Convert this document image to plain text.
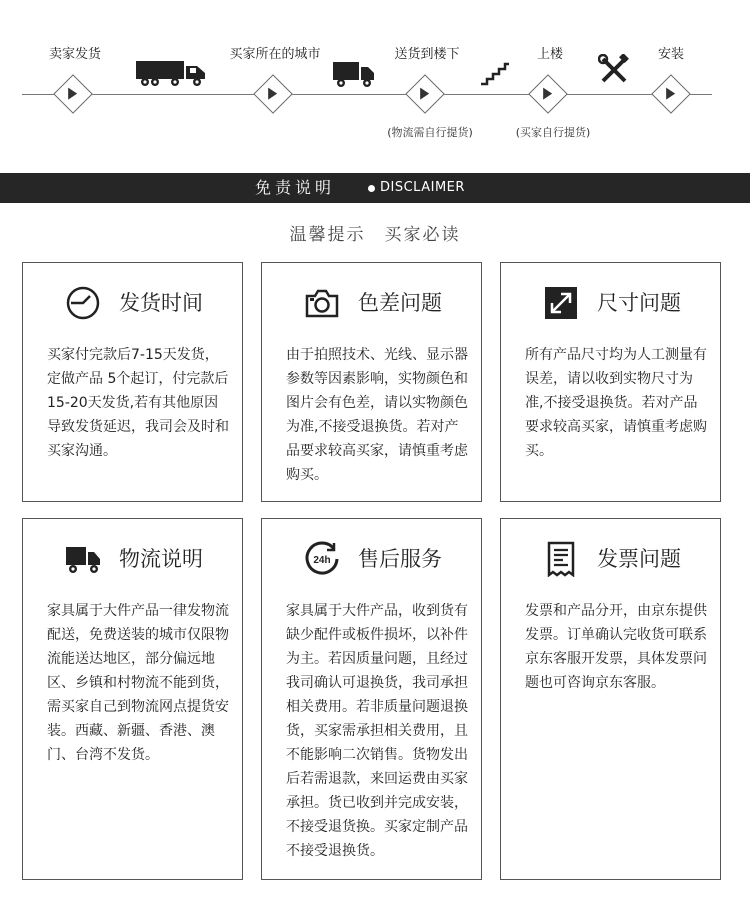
卖家发货	买家所在的城市	送货到楼下	上楼	安装
(物流需自行提货)	(买家自行提货)
免责说明	DISCLAIMER
温馨提示　买家必读
发货时间
买家付完款后7-15天发货，定做产品 5个起订，付完款后15-20天发货,若有其他原因导致发货延迟，我司会及时和买家沟通。
色差问题
由于拍照技术、光线、显示器参数等因素影响，实物颜色和图片会有色差，请以实物颜色为准,不接受退换货。若对产品要求较高买家，请慎重考虑购买。
尺寸问题
所有产品尺寸均为人工测量有误差，请以收到实物尺寸为准,不接受退换货。若对产品要求较高买家，请慎重考虑购买。
物流说明
家具属于大件产品一律发物流配送，免费送装的城市仅限物流能送达地区，部分偏远地区、乡镇和村物流不能到货，需买家自己到物流网点提货安装。西藏、新疆、香港、澳门、台湾不发货。
24h 售后服务
家具属于大件产品，收到货有缺少配件或板件损坏，以补件为主。若因质量问题，且经过我司确认可退换货，我司承担相关费用。若非质量问题退换货，买家需承担相关费用，且不能影响二次销售。货物发出后若需退款，来回运费由买家承担。货已收到并完成安装，不接受退货换。买家定制产品不接受退换货。
发票问题
发票和产品分开，由京东提供发票。订单确认完收货可联系京东客服开发票，具体发票问题也可咨询京东客服。
